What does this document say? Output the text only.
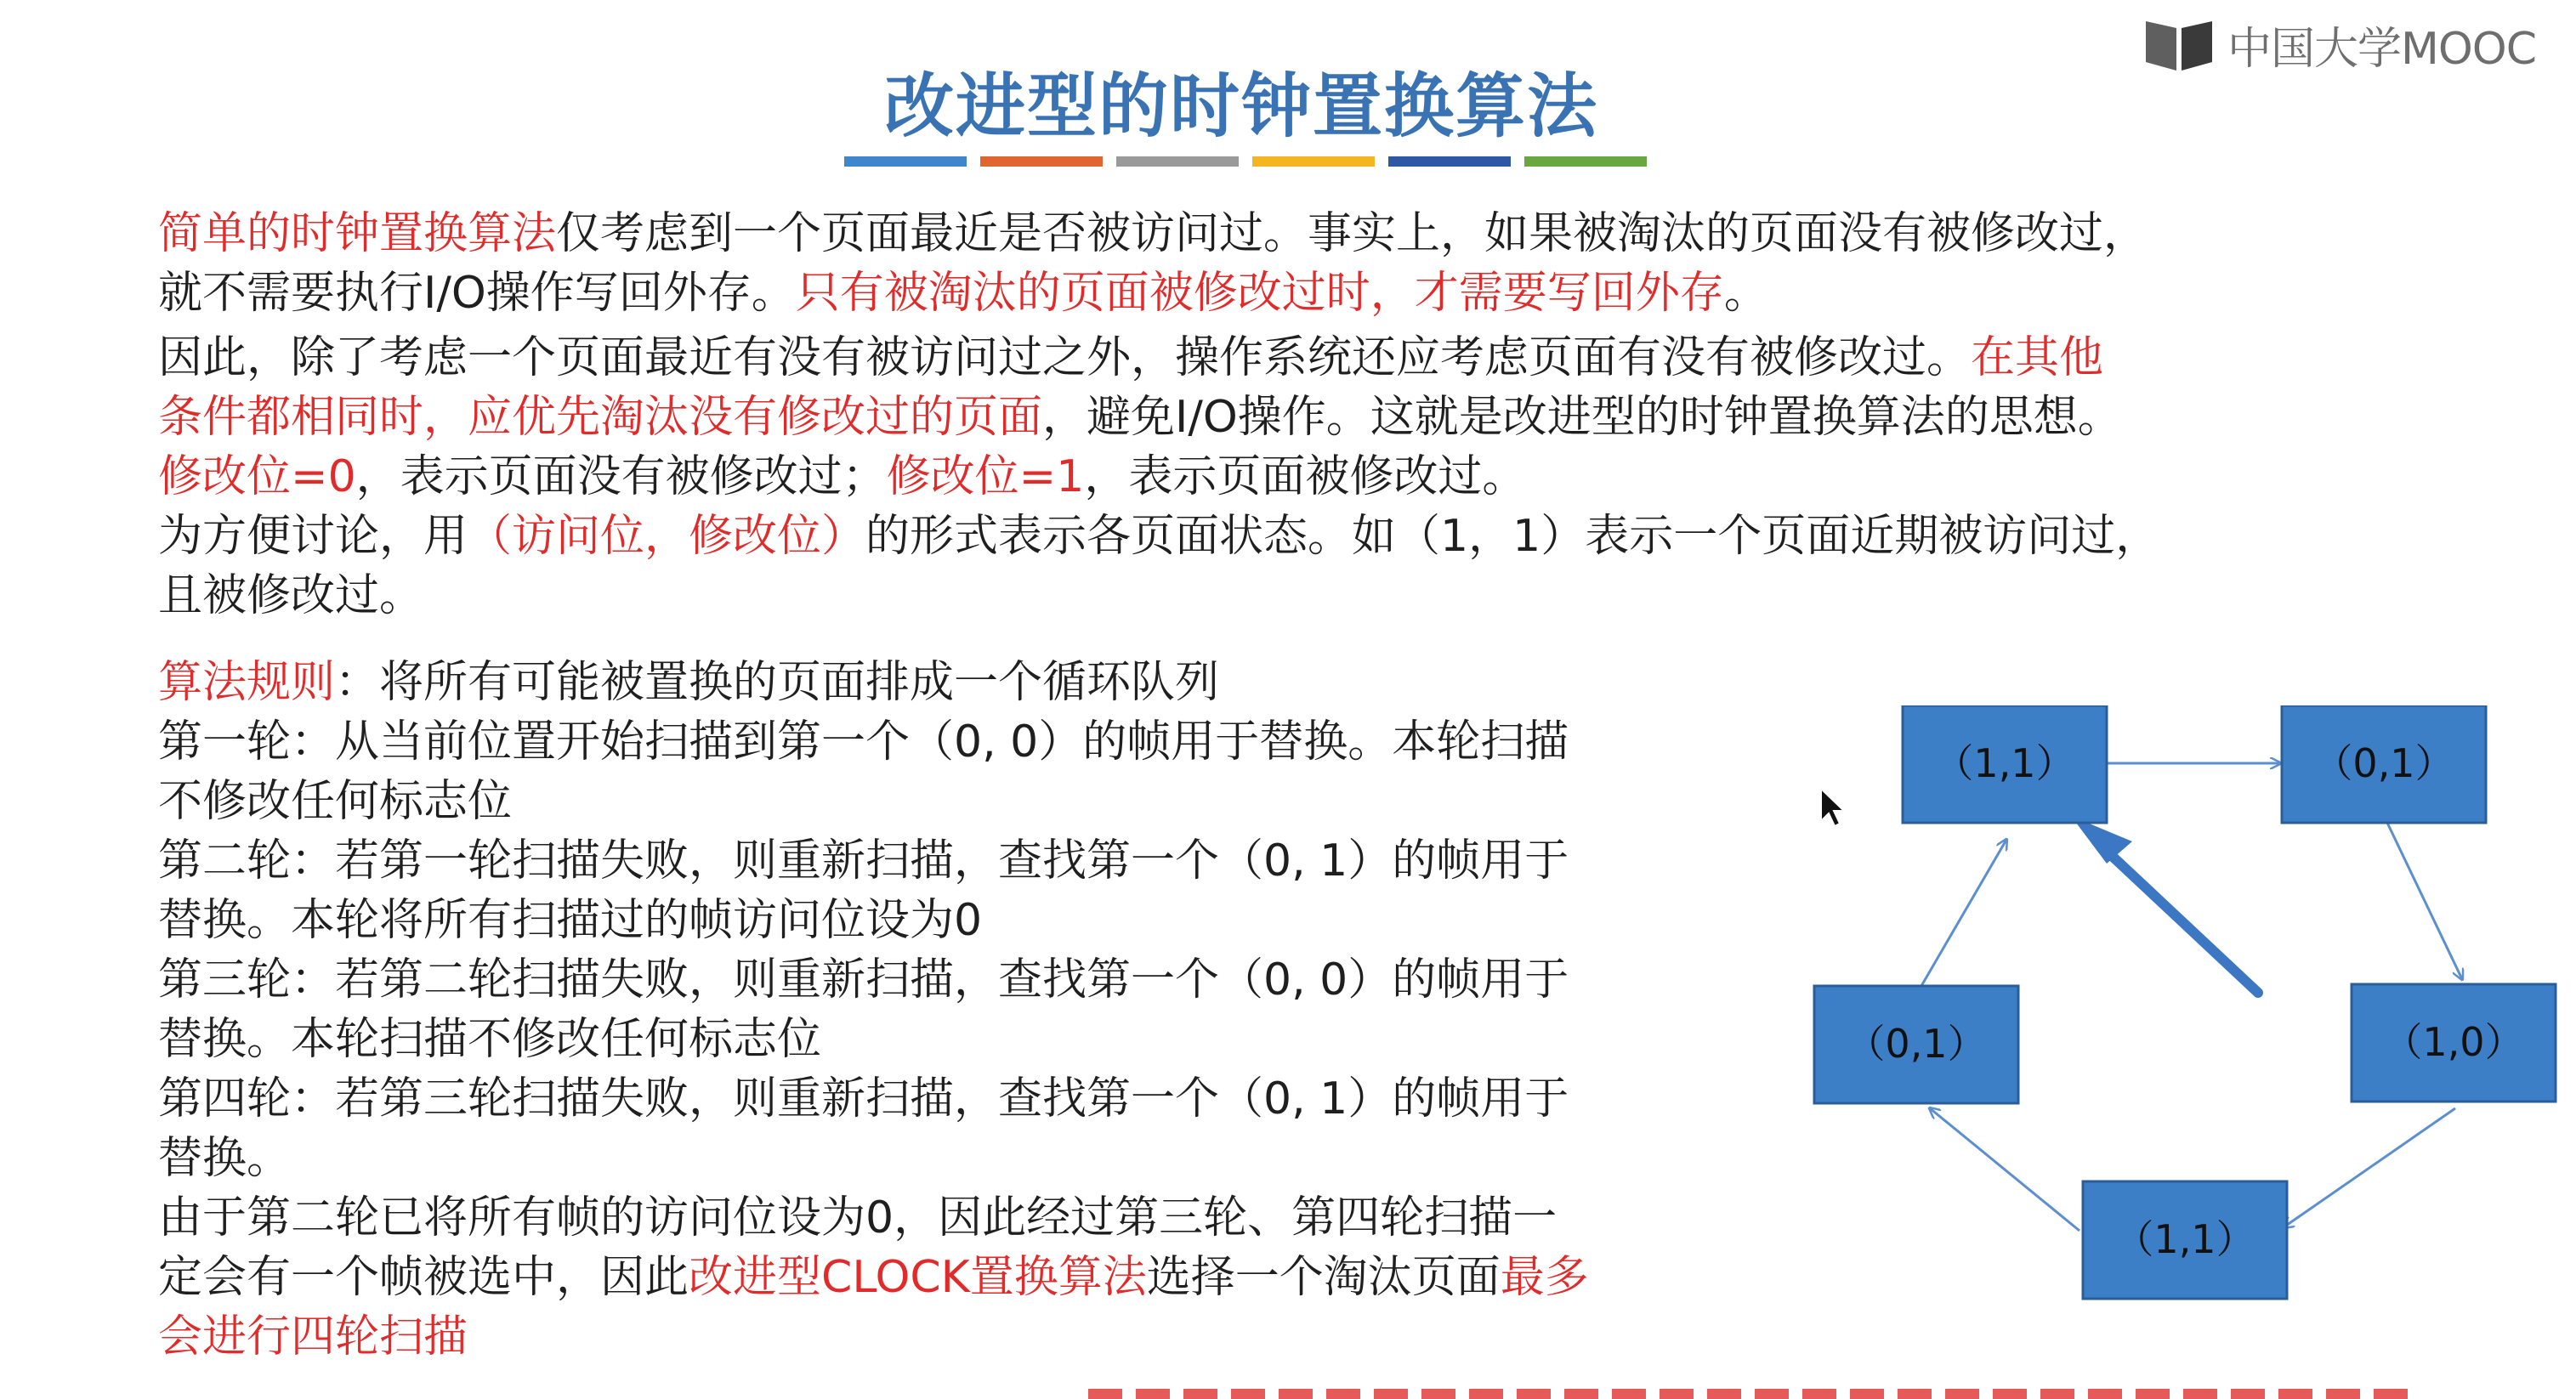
中国大学MOOC
改进型的时钟置换算法
简单的时钟置换算法仅考虑到一个页面最近是否被访问过。事实上，如果被淘汰的页面没有被修改过，
就不需要执行I/O操作写回外存。只有被淘汰的页面被修改过时，才需要写回外存。
因此，除了考虑一个页面最近有没有被访问过之外，操作系统还应考虑页面有没有被修改过。在其他
条件都相同时，应优先淘汰没有修改过的页面，避免I/O操作。这就是改进型的时钟置换算法的思想。
修改位=0，表示页面没有被修改过；修改位=1，表示页面被修改过。
为方便讨论，用（访问位，修改位）的形式表示各页面状态。如（1，1）表示一个页面近期被访问过，
且被修改过。
算法规则：将所有可能被置换的页面排成一个循环队列
第一轮：从当前位置开始扫描到第一个（0, 0）的帧用于替换。本轮扫描
不修改任何标志位
第二轮：若第一轮扫描失败，则重新扫描，查找第一个（0, 1）的帧用于
替换。本轮将所有扫描过的帧访问位设为0
第三轮：若第二轮扫描失败，则重新扫描，查找第一个（0, 0）的帧用于
替换。本轮扫描不修改任何标志位
第四轮：若第三轮扫描失败，则重新扫描，查找第一个（0, 1）的帧用于
替换。
由于第二轮已将所有帧的访问位设为0，因此经过第三轮、第四轮扫描一
定会有一个帧被选中，因此改进型CLOCK置换算法选择一个淘汰页面最多
会进行四轮扫描
（1,1）	（0,1）
（1,0）
（1,1）
（0,1）
